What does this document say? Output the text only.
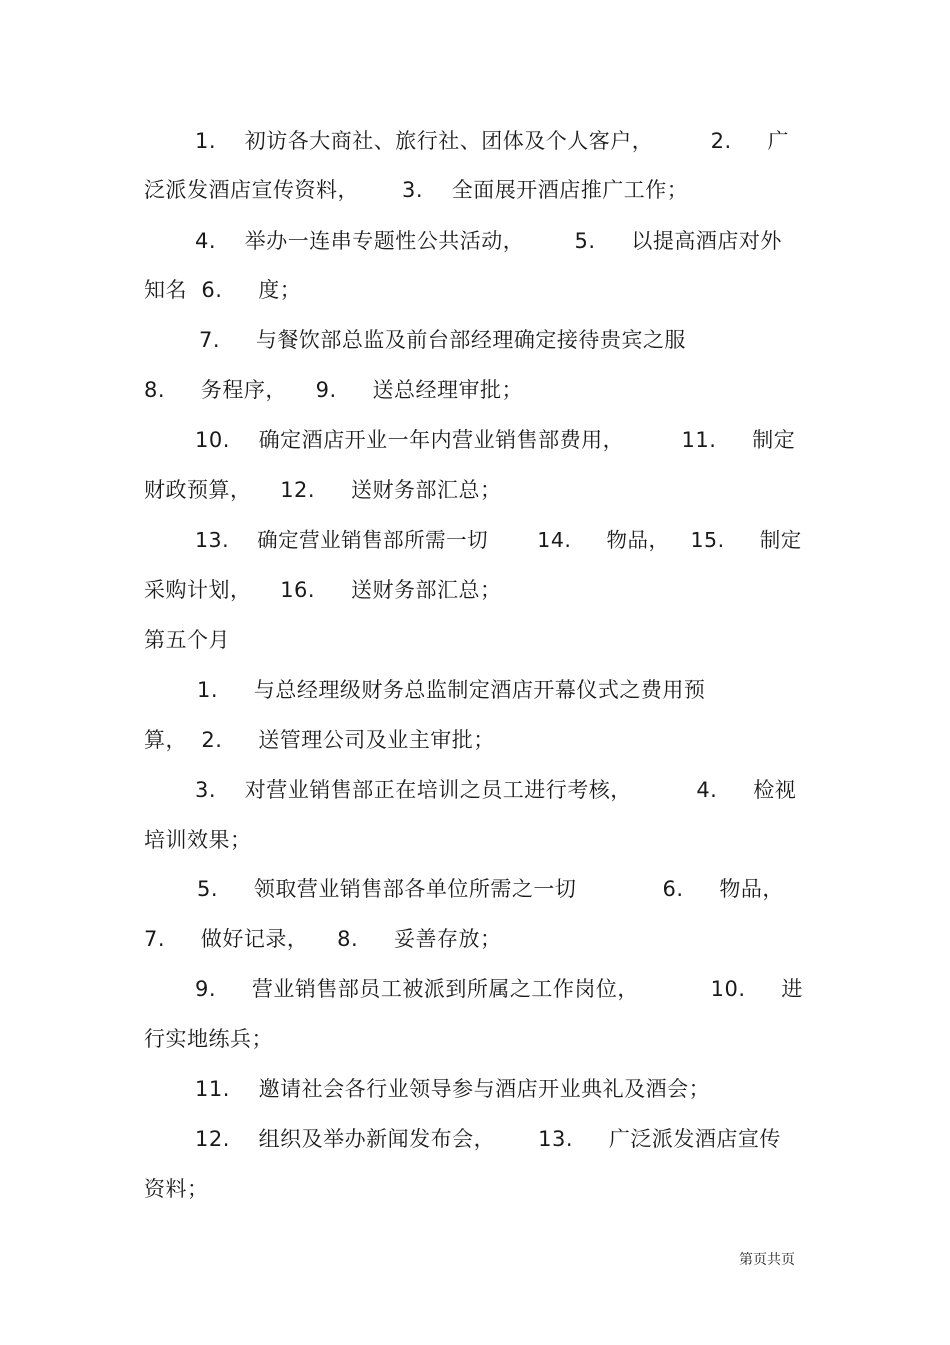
1.    初访各大商社、旅行社、团体及个人客户，        2.     广
泛派发酒店宣传资料，      3.    全面展开酒店推广工作；
4.    举办一连串专题性公共活动，       5.     以提高酒店对外
知名  6.     度；
7.     与餐饮部总监及前台部经理确定接待贵宾之服
8.     务程序，    9.     送总经理审批；
10.    确定酒店开业一年内营业销售部费用，        11.     制定
财政预算，    12.     送财务部汇总；
13.    确定营业销售部所需一切       14.     物品，   15.     制定
采购计划，    16.     送财务部汇总；
第五个月
1.     与总经理级财务总监制定酒店开幕仪式之费用预
算，  2.     送管理公司及业主审批；
3.    对营业销售部正在培训之员工进行考核，         4.     检视
培训效果；
5.     领取营业销售部各单位所需之一切            6.     物品，
7.     做好记录，    8.     妥善存放；
9.     营业销售部员工被派到所属之工作岗位，          10.     进
行实地练兵；
11.    邀请社会各行业领导参与酒店开业典礼及酒会；
12.    组织及举办新闻发布会，      13.     广泛派发酒店宣传
资料；
第页共页
